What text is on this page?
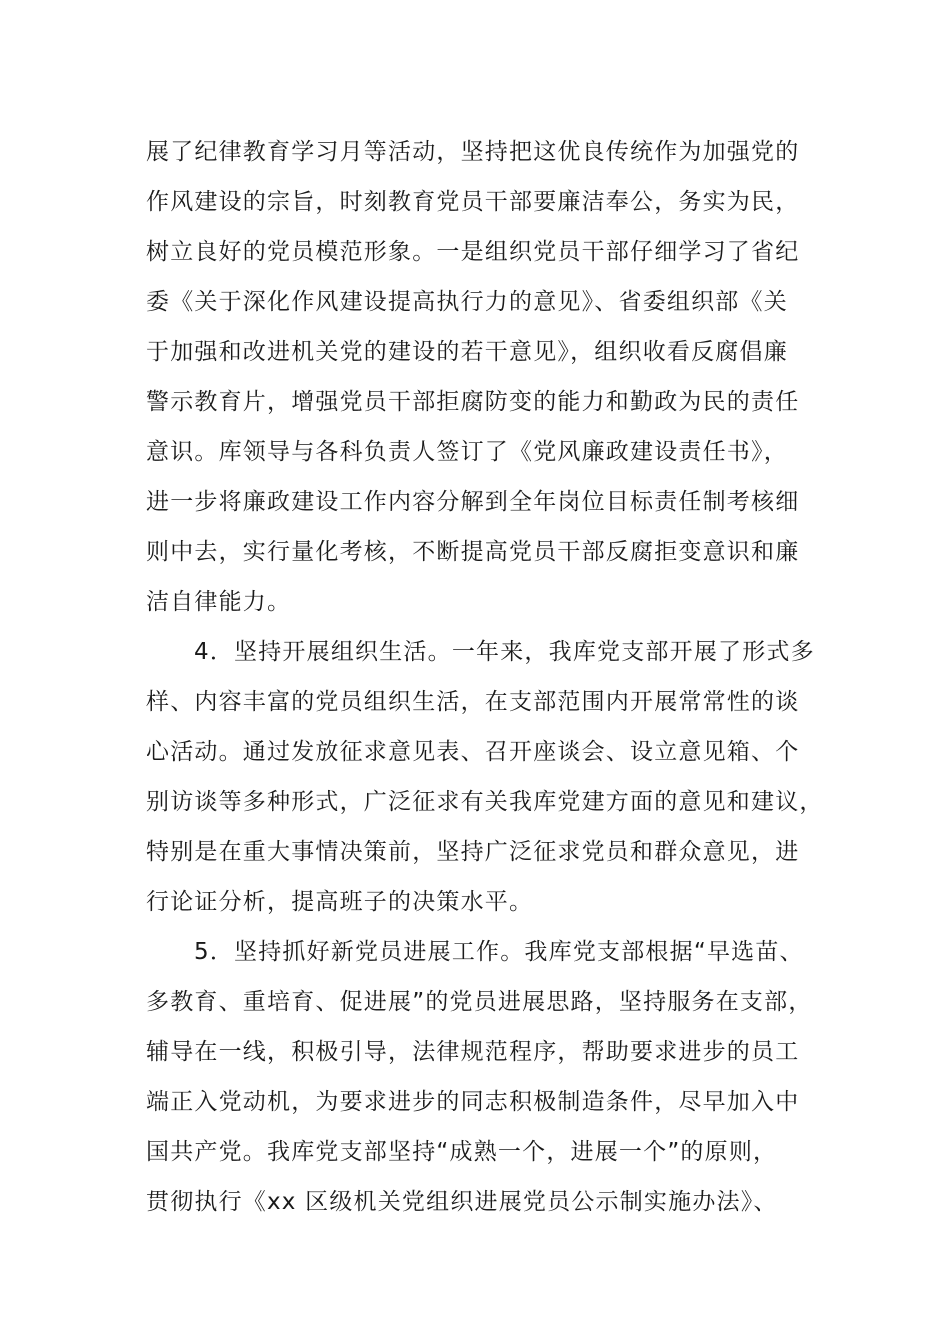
展了纪律教育学习月等活动，坚持把这优良传统作为加强党的
作风建设的宗旨，时刻教育党员干部要廉洁奉公，务实为民，
树立良好的党员模范形象。一是组织党员干部仔细学习了省纪
委《关于深化作风建设提高执行力的意见》、省委组织部《关
于加强和改进机关党的建设的若干意见》，组织收看反腐倡廉
警示教育片，增强党员干部拒腐防变的能力和勤政为民的责任
意识。库领导与各科负责人签订了《党风廉政建设责任书》，
进一步将廉政建设工作内容分解到全年岗位目标责任制考核细
则中去，实行量化考核，不断提高党员干部反腐拒变意识和廉
洁自律能力。
4．坚持开展组织生活。一年来，我库党支部开展了形式多
样、内容丰富的党员组织生活，在支部范围内开展常常性的谈
心活动。通过发放征求意见表、召开座谈会、设立意见箱、个
别访谈等多种形式，广泛征求有关我库党建方面的意见和建议，
特别是在重大事情决策前，坚持广泛征求党员和群众意见，进
行论证分析，提高班子的决策水平。
5．坚持抓好新党员进展工作。我库党支部根据“早选苗、
多教育、重培育、促进展”的党员进展思路，坚持服务在支部，
辅导在一线，积极引导，法律规范程序，帮助要求进步的员工
端正入党动机，为要求进步的同志积极制造条件，尽早加入中
国共产党。我库党支部坚持“成熟一个，进展一个”的原则，
贯彻执行《xx 区级机关党组织进展党员公示制实施办法》、
